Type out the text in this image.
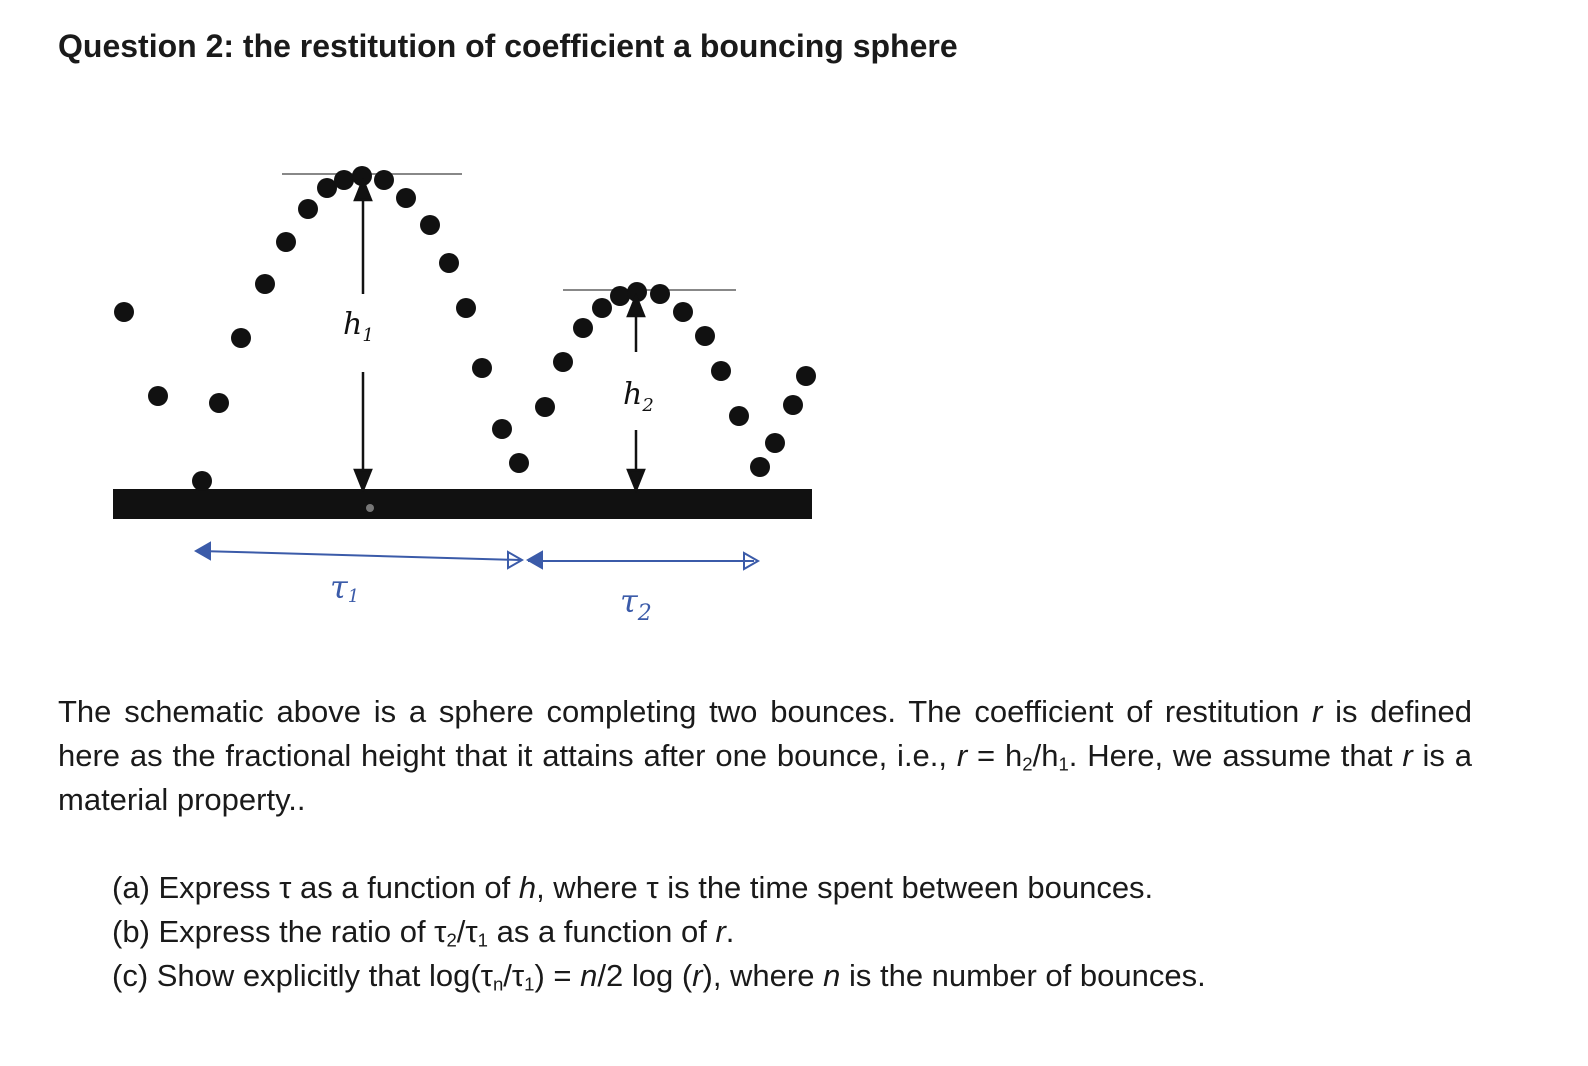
Question 2: the restitution of coefficient a bouncing sphere
$h_1$
$h_2$
τ1	$\tau_2$
The schematic above is a sphere completing two bounces. The coefficient of restitution r is defined here as the fractional height that it attains after one bounce, i.e., $r = h_2/h_1$. Here, we assume that r is a material property..
(a) Express τ as a function of h, where τ is the time spent between bounces.
(b) Express the ratio of $\tau_2/\tau_1$ as a function of r.
(c) Show explicitly that $\log(\tau_n/\tau_1) = n/2$ log (r), where n is the number of bounces.
